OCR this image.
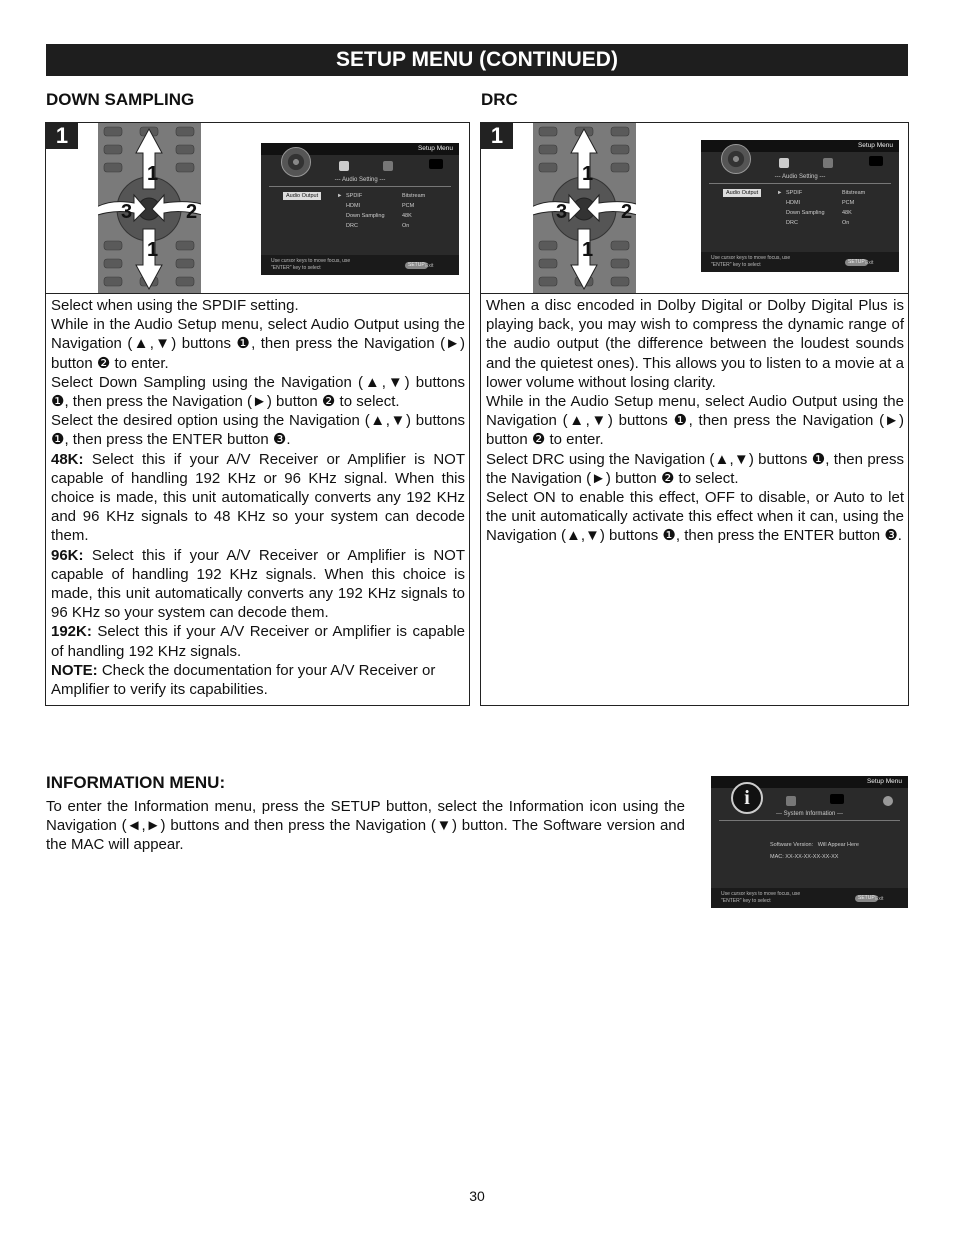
SETUP MENU (CONTINUED)
DOWN SAMPLING	DRC
1
1
1
3	2
Setup Menu
--- Audio Setting ---
Audio Output	► SPDIF	Bitstream
HDMI	PCM
Down Sampling	48K
DRC	On
Use cursor keys to move focus, use
"ENTER" key to select	SETUP Exit

Select when using the SPDIF setting.

While in the Audio Setup menu, select Audio Output using the Navigation (▲,▼) buttons ❶, then press the Navigation (►) button ❷ to enter.

Select Down Sampling using the Navigation (▲,▼) buttons ❶, then press the Navigation (►) button ❷ to select.

Select the desired option using the Navigation (▲,▼) buttons ❶, then press the ENTER button ❸.

48K: Select this if your A/V Receiver or Amplifier is NOT capable of handling 192 KHz or 96 KHz signal. When this choice is made, this unit automatically converts any 192 KHz and 96 KHz signals to 48 KHz so your system can decode them.

96K: Select this if your A/V Receiver or Amplifier is NOT capable of handling 192 KHz signals. When this choice is made, this unit automatically converts any 192 KHz signals to 96 KHz so your system can decode them.

192K: Select this if your A/V Receiver or Amplifier is capable of handling 192 KHz signals.

NOTE: Check the documentation for your A/V Receiver or Amplifier to verify its capabilities.

1
1
1
3	2
Setup Menu
--- Audio Setting ---
Audio Output	► SPDIF	Bitstream
HDMI	PCM
Down Sampling	48K
DRC	On
Use cursor keys to move focus, use
"ENTER" key to select	SETUP Exit

When a disc encoded in Dolby Digital or Dolby Digital Plus is playing back, you may wish to compress the dynamic range of the audio output (the difference between the loudest sounds and the quietest ones). This allows you to listen to a movie at a lower volume without losing clarity.

While in the Audio Setup menu, select Audio Output using the Navigation (▲,▼) buttons ❶, then press the Navigation (►) button ❷ to enter.

Select DRC using the Navigation (▲,▼) buttons ❶, then press the Navigation (►) button ❷ to select.

Select ON to enable this effect, OFF to disable, or Auto to let the unit automatically activate this effect when it can, using the Navigation (▲,▼) buttons ❶, then press the ENTER button ❸.

INFORMATION MENU:
To enter the Information menu, press the SETUP button, select the Information icon using the Navigation (◄,►) buttons and then press the Navigation (▼) button. The Software version and the MAC will appear.
Setup Menu
i
--- System Information ---
Software Version: Will Appear Here
MAC: XX-XX-XX-XX-XX-XX
Use cursor keys to move focus, use
"ENTER" key to select	SETUP Exit
30
